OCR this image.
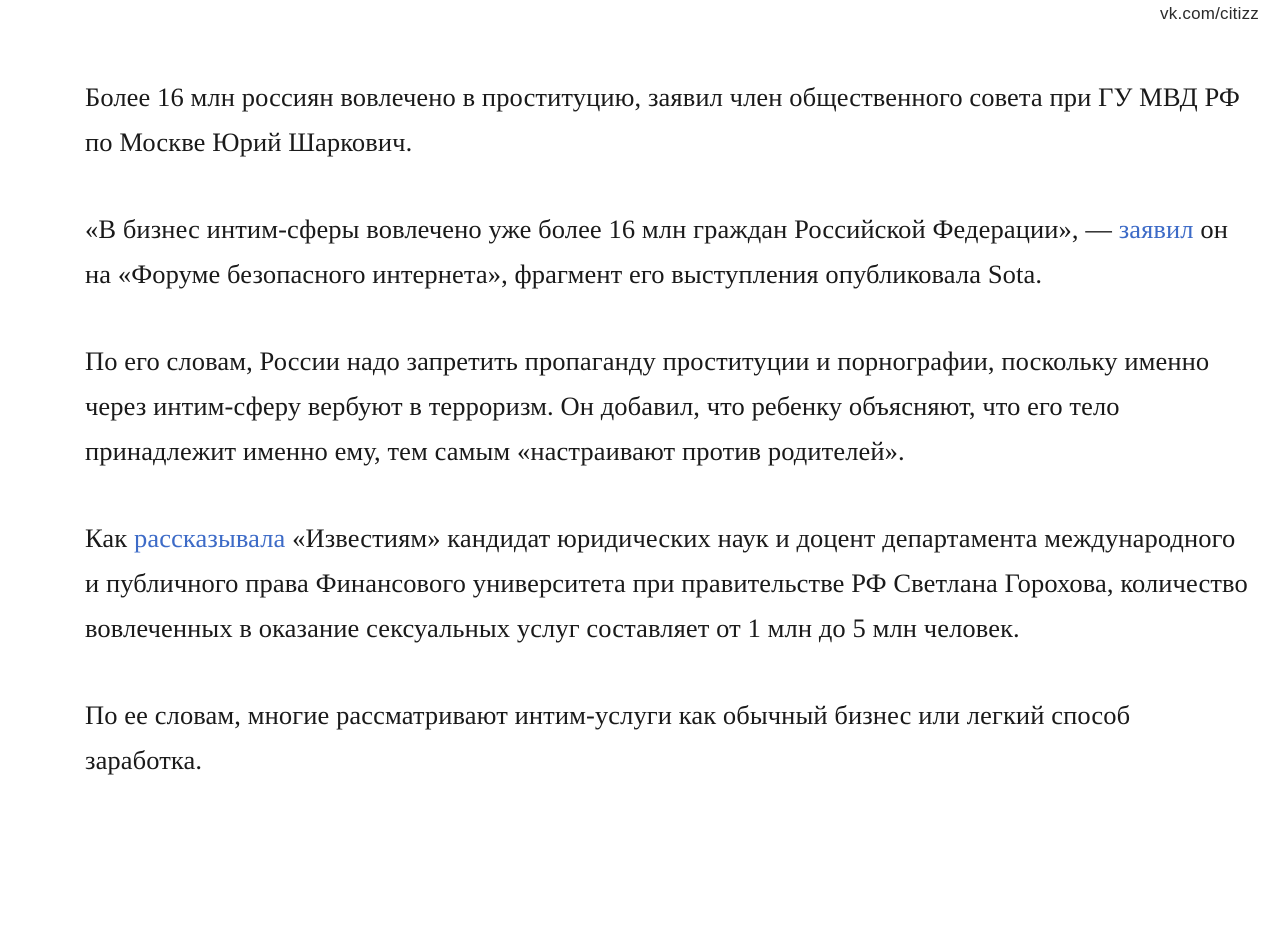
vk.com/citizz

Более 16 млн россиян вовлечено в проституцию, заявил член общественного совета при ГУ МВД РФ по Москве Юрий Шаркович.

«В бизнес интим-сферы вовлечено уже более 16 млн граждан Российской Федерации», — заявил он на «Форуме безопасного интернета», фрагмент его выступления опубликовала Sota.

По его словам, России надо запретить пропаганду проституции и порнографии, поскольку именно через интим-сферу вербуют в терроризм. Он добавил, что ребенку объясняют, что его тело принадлежит именно ему, тем самым «настраивают против родителей».

Как рассказывала «Известиям» кандидат юридических наук и доцент департамента международного и публичного права Финансового университета при правительстве РФ Светлана Горохова, количество вовлеченных в оказание сексуальных услуг составляет от 1 млн до 5 млн человек.

По ее словам, многие рассматривают интим-услуги как обычный бизнес или легкий способ заработка.
